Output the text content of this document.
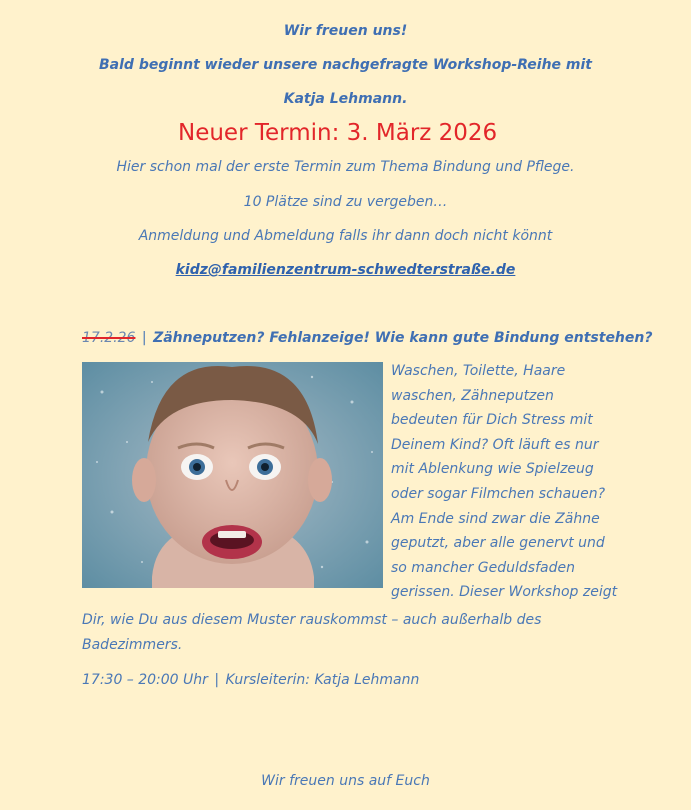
Wir freuen uns!
Bald beginnt wieder unsere nachgefragte Workshop-Reihe mit
Katja Lehmann.
Neuer Termin: 3. März 2026
Hier schon mal der erste Termin zum Thema Bindung und Pflege.
10 Plätze sind zu vergeben…
Anmeldung und Abmeldung falls ihr dann doch nicht könnt
kidz@familienzentrum-schwedterstraße.de
17.2.26 | Zähneputzen? Fehlanzeige! Wie kann gute Bindung entstehen?
Waschen, Toilette, Haare
waschen, Zähneputzen
bedeuten für Dich Stress mit
Deinem Kind? Oft läuft es nur
mit Ablenkung wie Spielzeug
oder sogar Filmchen schauen?
Am Ende sind zwar die Zähne
geputzt, aber alle genervt und
so mancher Geduldsfaden
gerissen. Dieser Workshop zeigt
Dir, wie Du aus diesem Muster rauskommst – auch außerhalb des
Badezimmers.
17:30 – 20:00 Uhr | Kursleiterin: Katja Lehmann
Wir freuen uns auf Euch
